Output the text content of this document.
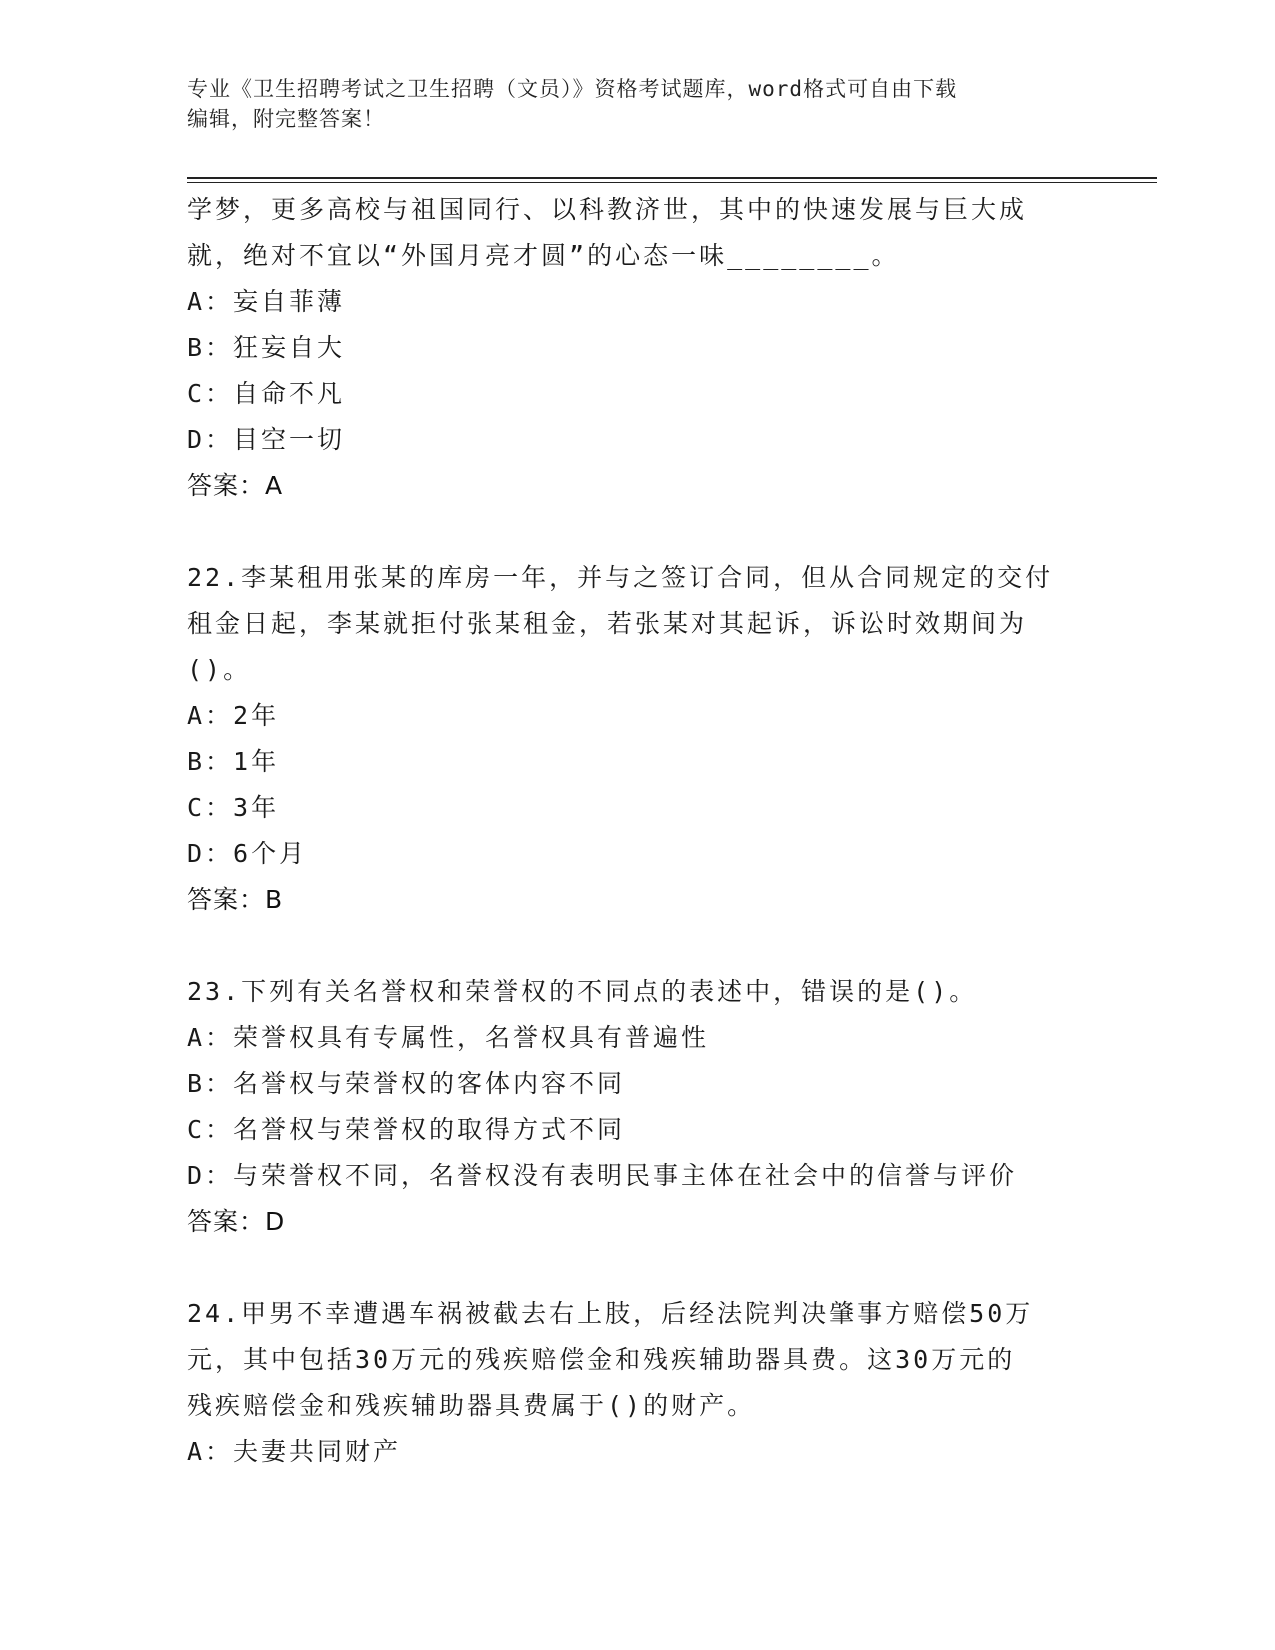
专业《卫生招聘考试之卫生招聘（文员）》资格考试题库，word格式可自由下载
编辑，附完整答案！
学梦，更多高校与祖国同行、以科教济世，其中的快速发展与巨大成
就，绝对不宜以“外国月亮才圆”的心态一味________。
A：妄自菲薄
B：狂妄自大
C：自命不凡
D：目空一切
答案：A
22.李某租用张某的库房一年，并与之签订合同，但从合同规定的交付
租金日起，李某就拒付张某租金，若张某对其起诉，诉讼时效期间为
()。
A：2年
B：1年
C：3年
D：6个月
答案：B
23.下列有关名誉权和荣誉权的不同点的表述中，错误的是()。
A：荣誉权具有专属性，名誉权具有普遍性
B：名誉权与荣誉权的客体内容不同
C：名誉权与荣誉权的取得方式不同
D：与荣誉权不同，名誉权没有表明民事主体在社会中的信誉与评价
答案：D
24.甲男不幸遭遇车祸被截去右上肢，后经法院判决肇事方赔偿50万
元，其中包括30万元的残疾赔偿金和残疾辅助器具费。这30万元的
残疾赔偿金和残疾辅助器具费属于()的财产。
A：夫妻共同财产
